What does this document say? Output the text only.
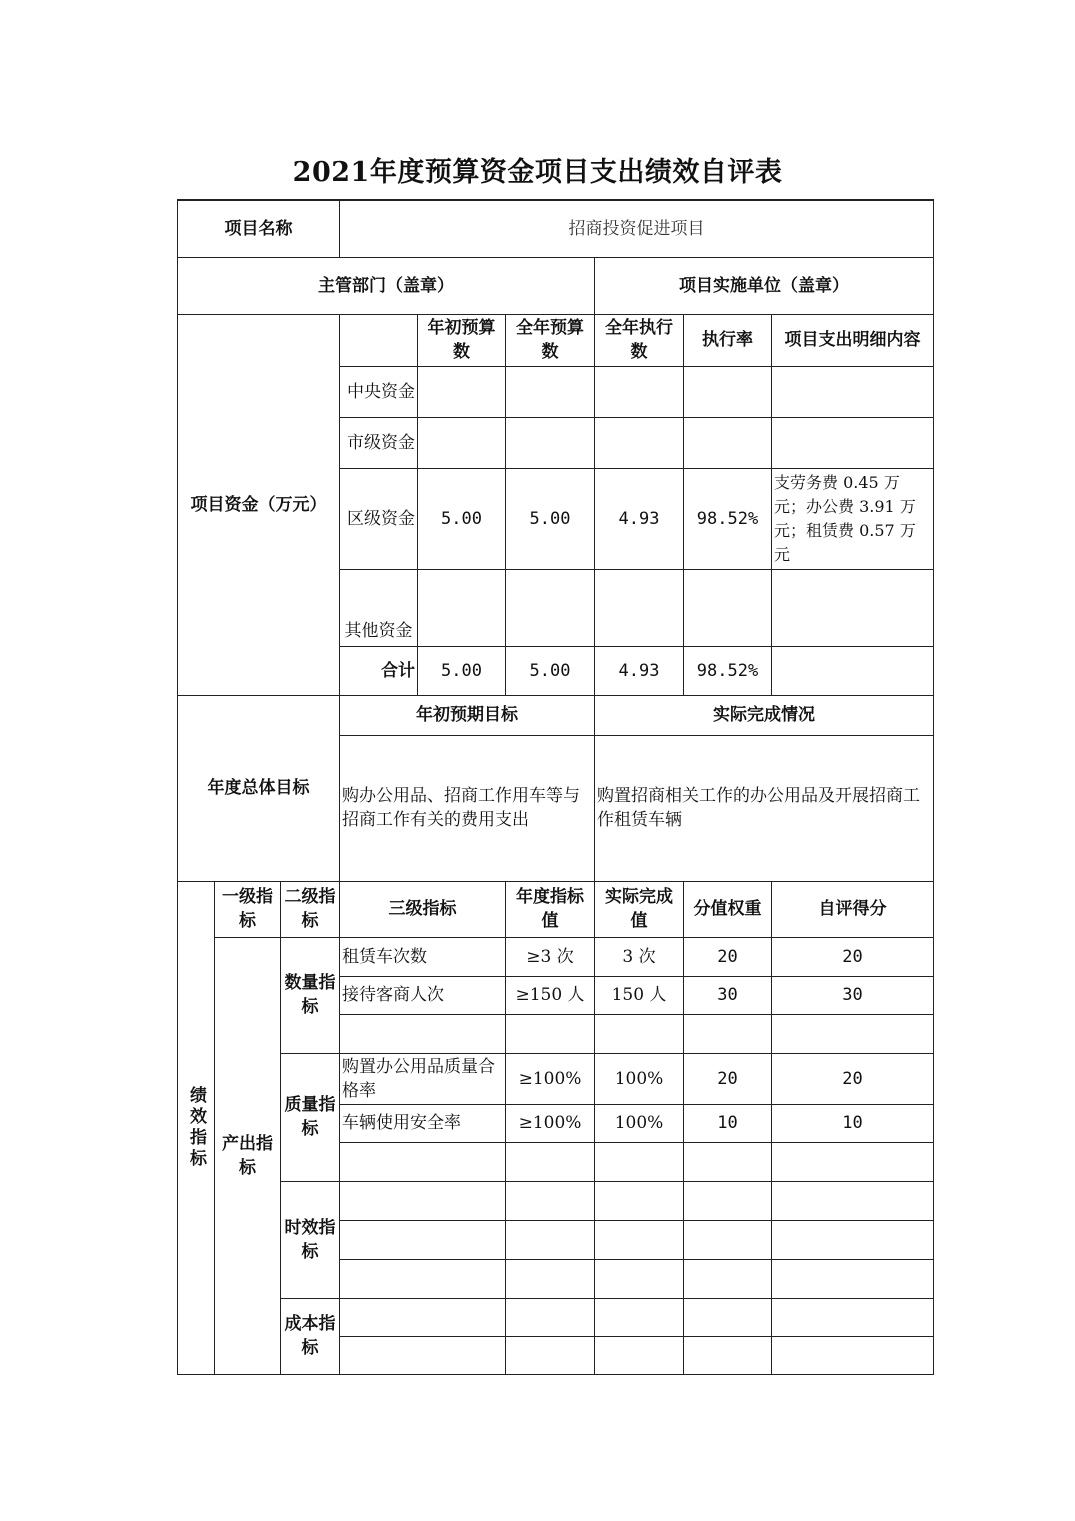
2021年度预算资金项目支出绩效自评表
项目名称			招商投资促进项目					
主管部门（盖章）						项目实施单位（盖章）		
项目资金（万元）				年初预算数	全年预算数	全年执行数	执行率	项目支出明细内容
			中央资金					
			市级资金					
			区级资金	5.00	5.00	4.93	98.52%	支劳务费 0.45 万元；办公费 3.91 万元；租赁费 0.57 万元
			其他资金					
			合计	5.00	5.00	4.93	98.52%	
年度总体目标			年初预期目标			实际完成情况		
			购办公用品、招商工作用车等与招商工作有关的费用支出			购置招商相关工作的办公用品及开展招商工作租赁车辆		

绩效指标	一级指标	二级指标	三级指标		年度指标值	实际完成值	分值权重	自评得分
	产出指标	数量指标	租赁车次数		≥3 次	3 次	20	20
			接待客商人次		≥150 人	150 人	30	30

		质量指标	购置办公用品质量合格率		≥100%	100%	20	20
			车辆使用安全率		≥100%	100%	10	10

		时效指标						

		成本指标						
